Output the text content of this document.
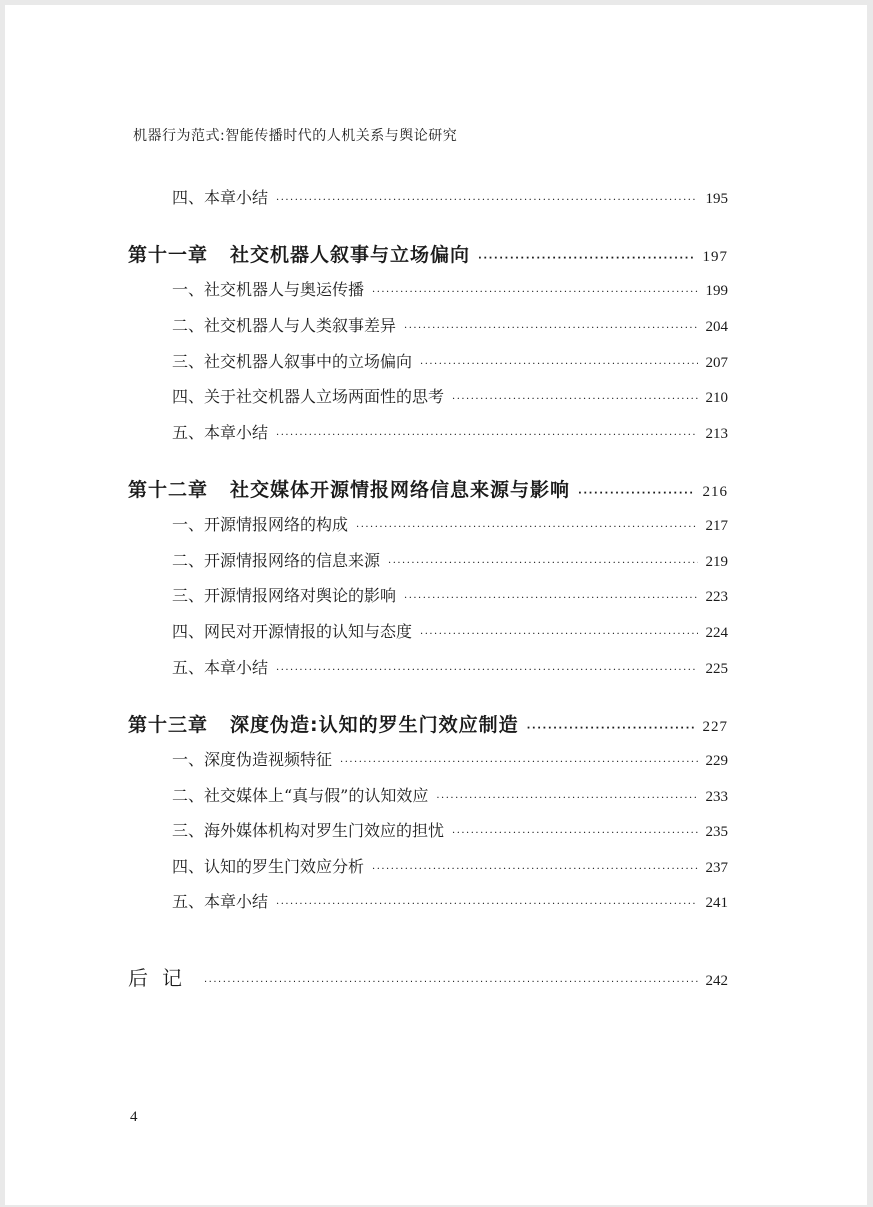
机器行为范式:智能传播时代的人机关系与舆论研究
四、本章小结 ·····	195
第十一章 社交机器人叙事与立场偏向 ·····	197
一、社交机器人与奥运传播 ·····	199
二、社交机器人与人类叙事差异 ·····	204
三、社交机器人叙事中的立场偏向 ·····	207
四、关于社交机器人立场两面性的思考 ·····	210
五、本章小结 ·····	213
第十二章 社交媒体开源情报网络信息来源与影响 ·····	216
一、开源情报网络的构成 ·····	217
二、开源情报网络的信息来源 ·····	219
三、开源情报网络对舆论的影响 ·····	223
四、网民对开源情报的认知与态度 ·····	224
五、本章小结 ·····	225
第十三章 深度伪造:认知的罗生门效应制造 ·····	227
一、深度伪造视频特征 ·····	229
二、社交媒体上“真与假”的认知效应 ·····	233
三、海外媒体机构对罗生门效应的担忧 ·····	235
四、认知的罗生门效应分析 ·····	237
五、本章小结 ·····	241
后记 ·····	242
4
